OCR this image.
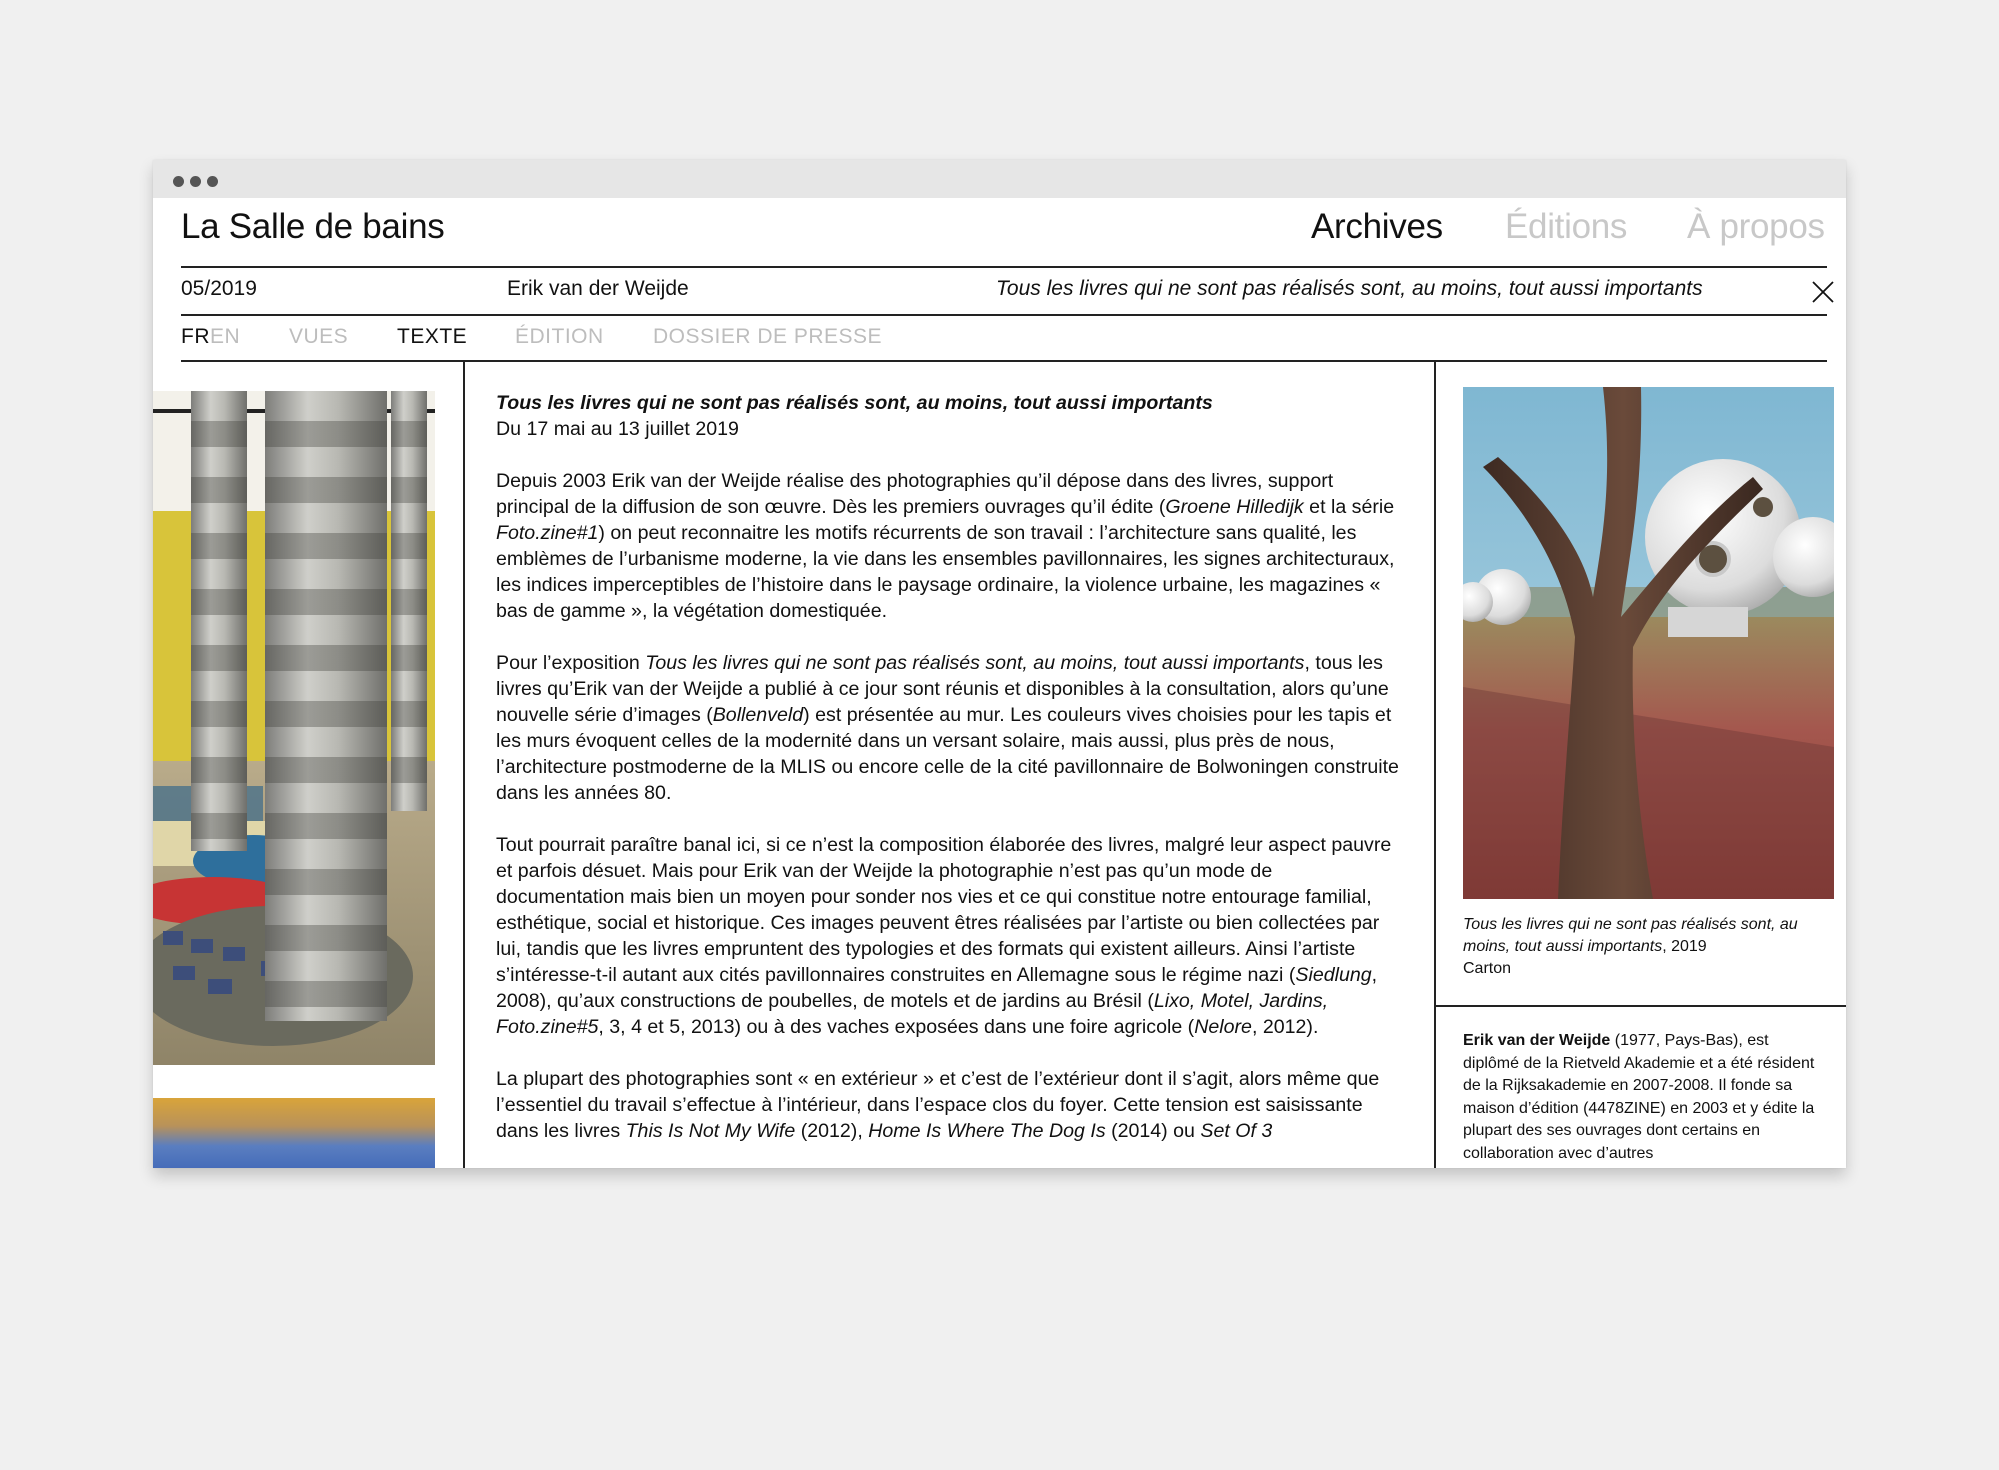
La Salle de bains	Archives Éditions À propos
05/2019	Erik van der Weijde	Tous les livres qui ne sont pas réalisés sont, au moins, tout aussi importants
FREN VUES TEXTE ÉDITION DOSSIER DE PRESSE
Tous les livres qui ne sont pas réalisés sont, au moins, tout aussi importants
Du 17 mai au 13 juillet 2019

Depuis 2003 Erik van der Weijde réalise des photographies qu’il dépose dans des livres, support principal de la diffusion de son œuvre. Dès les premiers ouvrages qu’il édite (Groene Hilledijk et la série Foto.zine#1) on peut reconnaitre les motifs récurrents de son travail : l’architecture sans qualité, les emblèmes de l’urbanisme moderne, la vie dans les ensembles pavillonnaires, les signes architecturaux, les indices imperceptibles de l’histoire dans le paysage ordinaire, la violence urbaine, les magazines « bas de gamme », la végétation domestiquée.

Pour l’exposition Tous les livres qui ne sont pas réalisés sont, au moins, tout aussi importants, tous les livres qu’Erik van der Weijde a publié à ce jour sont réunis et disponibles à la consultation, alors qu’une nouvelle série d’images (Bollenveld) est présentée au mur. Les couleurs vives choisies pour les tapis et les murs évoquent celles de la modernité dans un versant solaire, mais aussi, plus près de nous, l’architecture postmoderne de la MLIS ou encore celle de la cité pavillonnaire de Bolwoningen construite dans les années 80.

Tout pourrait paraître banal ici, si ce n’est la composition élaborée des livres, malgré leur aspect pauvre et parfois désuet. Mais pour Erik van der Weijde la photographie n’est pas qu’un mode de documentation mais bien un moyen pour sonder nos vies et ce qui constitue notre entourage familial, esthétique, social et historique. Ces images peuvent êtres réalisées par l’artiste ou bien collectées par lui, tandis que les livres empruntent des typologies et des formats qui existent ailleurs. Ainsi l’artiste s’intéresse-t-il autant aux cités pavillonnaires construites en Allemagne sous le régime nazi (Siedlung, 2008), qu’aux constructions de poubelles, de motels et de jardins au Brésil (Lixo, Motel, Jardins, Foto.zine#5, 3, 4 et 5, 2013) ou à des vaches exposées dans une foire agricole (Nelore, 2012).

La plupart des photographies sont « en extérieur » et c’est de l’extérieur dont il s’agit, alors même que l’essentiel du travail s’effectue à l’intérieur, dans l’espace clos du foyer. Cette tension est saisissante dans les livres This Is Not My Wife (2012), Home Is Where The Dog Is (2014) ou Set Of 3

Tous les livres qui ne sont pas réalisés sont, au moins, tout aussi importants, 2019
Carton
Erik van der Weijde (1977, Pays-Bas), est diplômé de la Rietveld Akademie et a été résident de la Rijksakademie en 2007-2008. Il fonde sa maison d’édition (4478ZINE) en 2003 et y édite la plupart des ses ouvrages dont certains en collaboration avec d’autres
